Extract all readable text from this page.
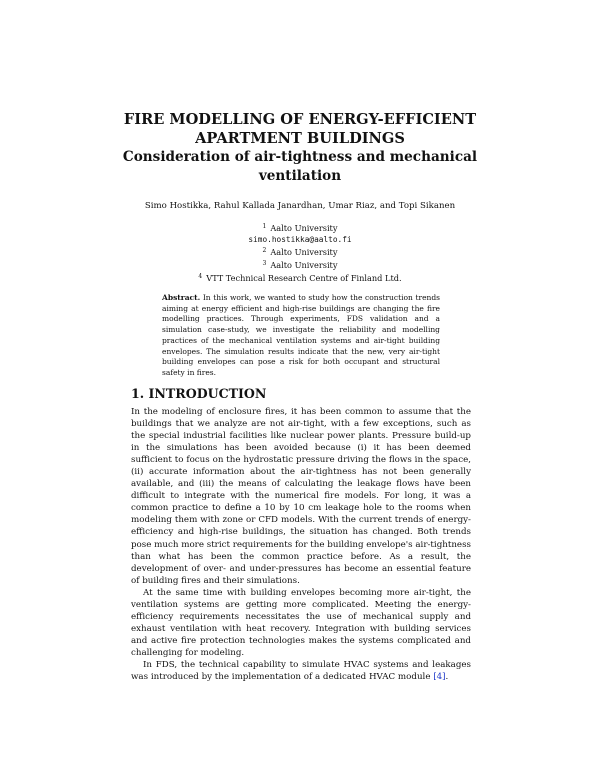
FIRE MODELLING OF ENERGY-EFFICIENT
APARTMENT BUILDINGS
Consideration of air-tightness and mechanical
ventilation
Simo Hostikka, Rahul Kallada Janardhan, Umar Riaz, and Topi Sikanen
$^1$ Aalto University
simo.hostikka@aalto.fi
$^2$ Aalto University
$^3$ Aalto University
$^4$ VTT Technical Research Centre of Finland Ltd.
Abstract. In this work, we wanted to study how the construction trends aiming at energy efficient and high-rise buildings are changing the fire modelling practices. Through experiments, FDS validation and a simulation case-study, we investigate the reliability and modelling practices of the mechanical ventilation systems and air-tight building envelopes. The simulation results indicate that the new, very air-tight building envelopes can pose a risk for both occupant and structural safety in fires.
1. INTRODUCTION

In the modeling of enclosure fires, it has been common to assume that the buildings that we analyze are not air-tight, with a few exceptions, such as the special industrial facilities like nuclear power plants. Pressure build-up in the simulations has been avoided because (i) it has been deemed sufficient to focus on the hydrostatic pressure driving the flows in the space, (ii) accurate information about the air-tightness has not been generally available, and (iii) the means of calculating the leakage flows have been difficult to integrate with the numerical fire models. For long, it was a common practice to define a 10 by 10 cm leakage hole to the rooms when modeling them with zone or CFD models. With the current trends of energy-efficiency and high-rise buildings, the situation has changed. Both trends pose much more strict requirements for the building envelope's air-tightness than what has been the common practice before. As a result, the development of over- and under-pressures has become an essential feature of building fires and their simulations.

At the same time with building envelopes becoming more air-tight, the ventilation systems are getting more complicated. Meeting the energy-efficiency requirements necessitates the use of mechanical supply and exhaust ventilation with heat recovery. Integration with building services and active fire protection technologies makes the systems complicated and challenging for modeling.

In FDS, the technical capability to simulate HVAC systems and leakages was introduced by the implementation of a dedicated HVAC module [4].
